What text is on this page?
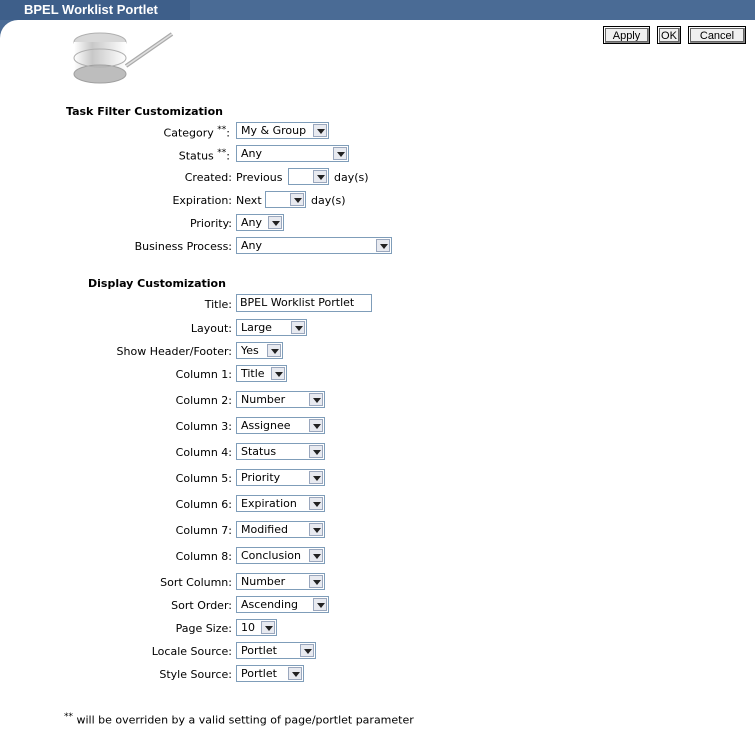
BPEL Worklist Portlet
Apply	OK	Cancel
Task Filter Customization
Category **: My & Group
Status **: Any
Created: Previous	day(s)
Expiration: Next	day(s)
Priority: Any
Business Process: Any
Display Customization
Title: BPEL Worklist Portlet
Layout: Large
Show Header/Footer: Yes
Column 1: Title
Column 2: Number
Column 3: Assignee
Column 4: Status
Column 5: Priority
Column 6: Expiration
Column 7: Modified
Column 8: Conclusion
Sort Column: Number
Sort Order: Ascending
Page Size: 10
Locale Source: Portlet
Style Source: Portlet
** will be overriden by a valid setting of page/portlet parameter
